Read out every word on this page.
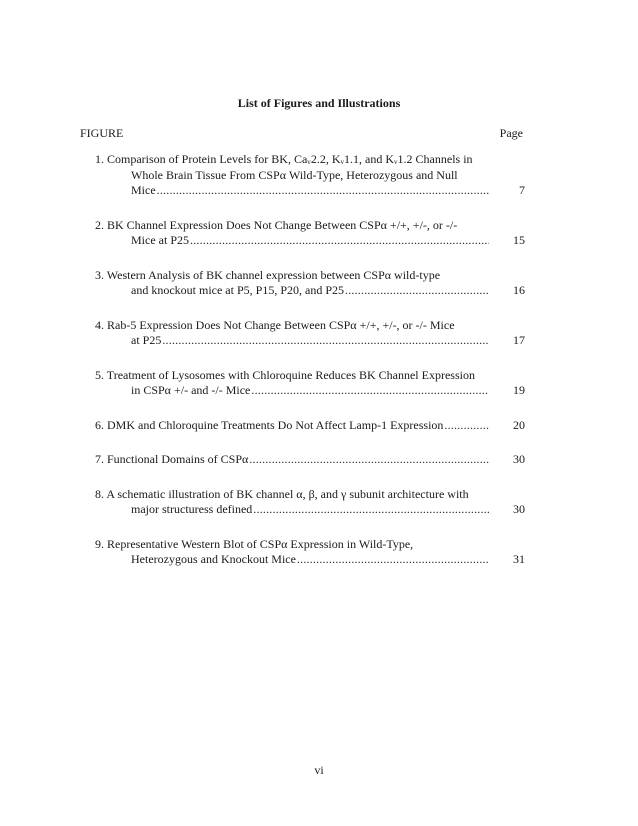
List of Figures and Illustrations
FIGURE	Page
1. Comparison of Protein Levels for BK, Caᵥ2.2, Kᵥ1.1, and Kᵥ1.2 Channels in
Whole Brain Tissue From CSPα Wild-Type, Heterozygous and Null
Mice .....	7
2. BK Channel Expression Does Not Change Between CSPα +/+, +/-, or -/-
Mice at P25 .....	15
3. Western Analysis of BK channel expression between CSPα wild-type
and knockout mice at P5, P15, P20, and P25 .....	16
4. Rab-5 Expression Does Not Change Between CSPα +/+, +/-, or -/- Mice
at P25 .....	17
5. Treatment of Lysosomes with Chloroquine Reduces BK Channel Expression
in CSPα +/- and -/- Mice .....	19
6. DMK and Chloroquine Treatments Do Not Affect Lamp-1 Expression .....	20
7. Functional Domains of CSPα .....	30
8. A schematic illustration of BK channel α, β, and γ subunit architecture with
major structuress defined .....	30
9. Representative Western Blot of CSPα Expression in Wild-Type,
Heterozygous and Knockout Mice .....	31
vi
